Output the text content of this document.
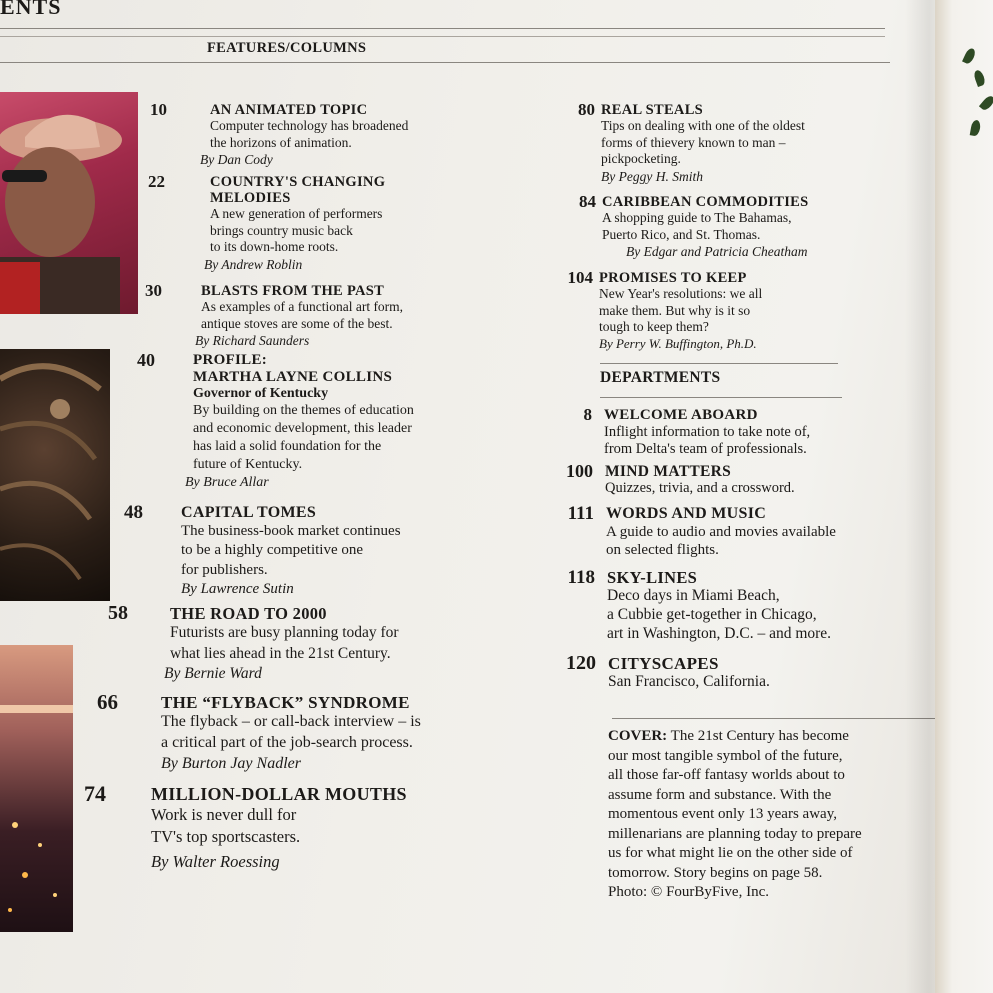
ENTS
FEATURES/COLUMNS
10	AN ANIMATED TOPIC
Computer technology has broadened
the horizons of animation.
By Dan Cody
22	COUNTRY'S CHANGING
MELODIES
A new generation of performers
brings country music back
to its down-home roots.
By Andrew Roblin
30	BLASTS FROM THE PAST
As examples of a functional art form,
antique stoves are some of the best.
By Richard Saunders
40	PROFILE:
MARTHA LAYNE COLLINS
Governor of Kentucky
By building on the themes of education
and economic development, this leader
has laid a solid foundation for the
future of Kentucky.
By Bruce Allar
48 CAPITAL TOMES
The business-book market continues
to be a highly competitive one
for publishers.
By Lawrence Sutin
58	THE ROAD TO 2000
Futurists are busy planning today for
what lies ahead in the 21st Century.
By Bernie Ward
66	THE “FLYBACK” SYNDROME
The flyback – or call-back interview – is
a critical part of the job-search process.
By Burton Jay Nadler
74	MILLION-DOLLAR MOUTHS
Work is never dull for
TV's top sportscasters.
By Walter Roessing
80 REAL STEALS
Tips on dealing with one of the oldest
forms of thievery known to man –
pickpocketing.
By Peggy H. Smith
84 CARIBBEAN COMMODITIES
A shopping guide to The Bahamas,
Puerto Rico, and St. Thomas.
By Edgar and Patricia Cheatham
104 PROMISES TO KEEP
New Year's resolutions: we all
make them. But why is it so
tough to keep them?
By Perry W. Buffington, Ph.D.
DEPARTMENTS
8 WELCOME ABOARD
Inflight information to take note of,
from Delta's team of professionals.
100 MIND MATTERS
Quizzes, trivia, and a crossword.
111 WORDS AND MUSIC
A guide to audio and movies available
on selected flights.
118 SKY-LINES
Deco days in Miami Beach,
a Cubbie get-together in Chicago,
art in Washington, D.C. – and more.
120 CITYSCAPES
San Francisco, California.
COVER: The 21st Century has become
our most tangible symbol of the future,
all those far-off fantasy worlds about to
assume form and substance. With the
momentous event only 13 years away,
millenarians are planning today to prepare
us for what might lie on the other side of
tomorrow. Story begins on page 58.
Photo: © FourByFive, Inc.
